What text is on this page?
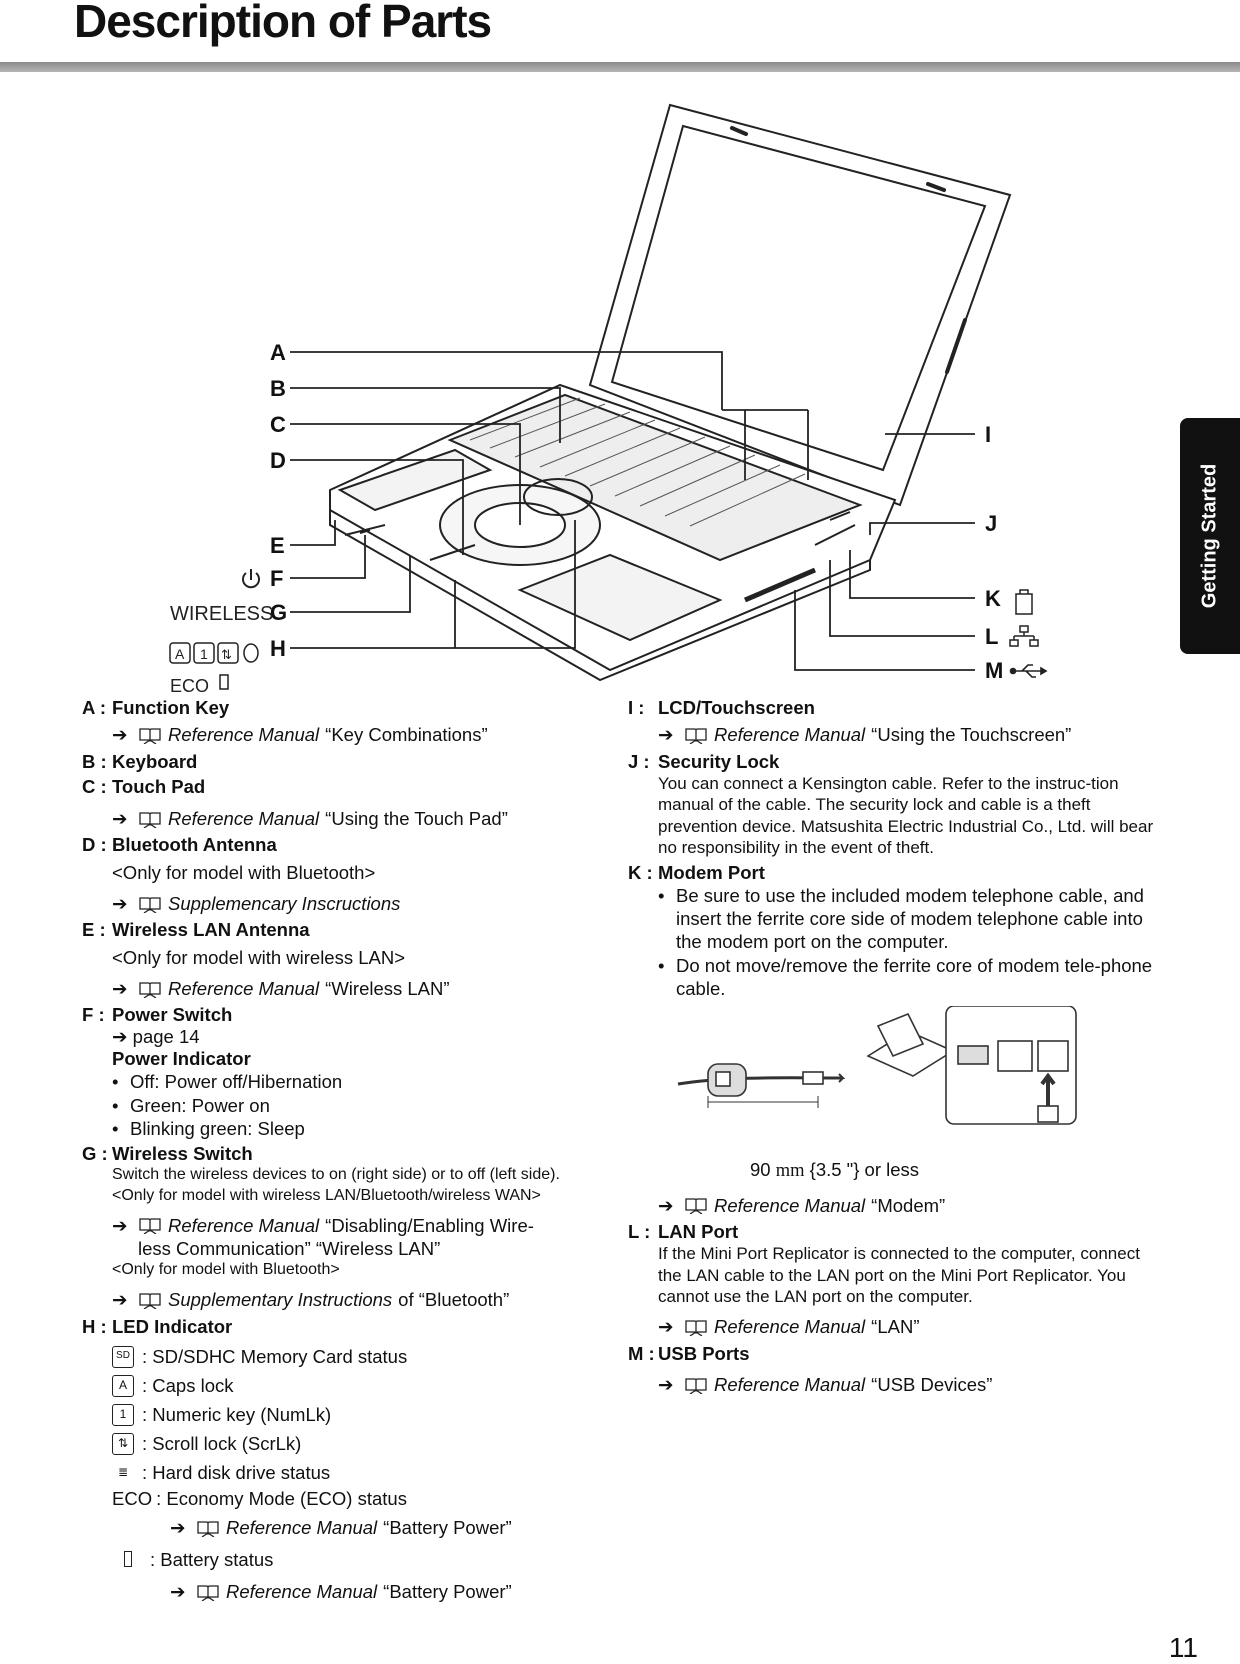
Description of Parts
Getting Started
A
B
C
D
E
F
G
H
I
J
K
L
M
WIRELESS
A 1 ⇅
ECO
A : Function Key
➔ Reference Manual “Key Combinations”
B : Keyboard
C : Touch Pad
➔ Reference Manual “Using the Touch Pad”
D : Bluetooth Antenna
<Only for model with Bluetooth>
➔ Supplemencary Inscructions
E : Wireless LAN Antenna
<Only for model with wireless LAN>
➔ Reference Manual “Wireless LAN”
F : Power Switch
➔ page 14
Power Indicator
• Off: Power off/Hibernation
• Green: Power on
• Blinking green: Sleep
G : Wireless Switch
Switch the wireless devices to on (right side) or to off (left side).
<Only for model with wireless LAN/Bluetooth/wireless WAN>
➔ Reference Manual “Disabling/Enabling Wire-
less Communication” “Wireless LAN”
<Only for model with Bluetooth>
➔ Supplementary Instructions of “Bluetooth”
H : LED Indicator
SD : SD/SDHC Memory Card status
A : Caps lock
1 : Numeric key (NumLk)
⇅ : Scroll lock (ScrLk)
≣ : Hard disk drive status
ECO : Economy Mode (ECO) status
➔ Reference Manual “Battery Power”
: Battery status
➔ Reference Manual “Battery Power”
I : LCD/Touchscreen
➔ Reference Manual “Using the Touchscreen”
J : Security Lock
You can connect a Kensington cable. Refer to the instruc-tion manual of the cable. The security lock and cable is a theft prevention device. Matsushita Electric Industrial Co., Ltd. will bear no responsibility in the event of theft.
K : Modem Port
• Be sure to use the included modem telephone cable, and insert the ferrite core side of modem telephone cable into the modem port on the computer.
• Do not move/remove the ferrite core of modem tele-phone cable.
90 mm {3.5 "} or less
➔ Reference Manual “Modem”
L : LAN Port
If the Mini Port Replicator is connected to the computer, connect the LAN cable to the LAN port on the Mini Port Replicator. You cannot use the LAN port on the computer.
➔ Reference Manual “LAN”
M : USB Ports
➔ Reference Manual “USB Devices”
11
